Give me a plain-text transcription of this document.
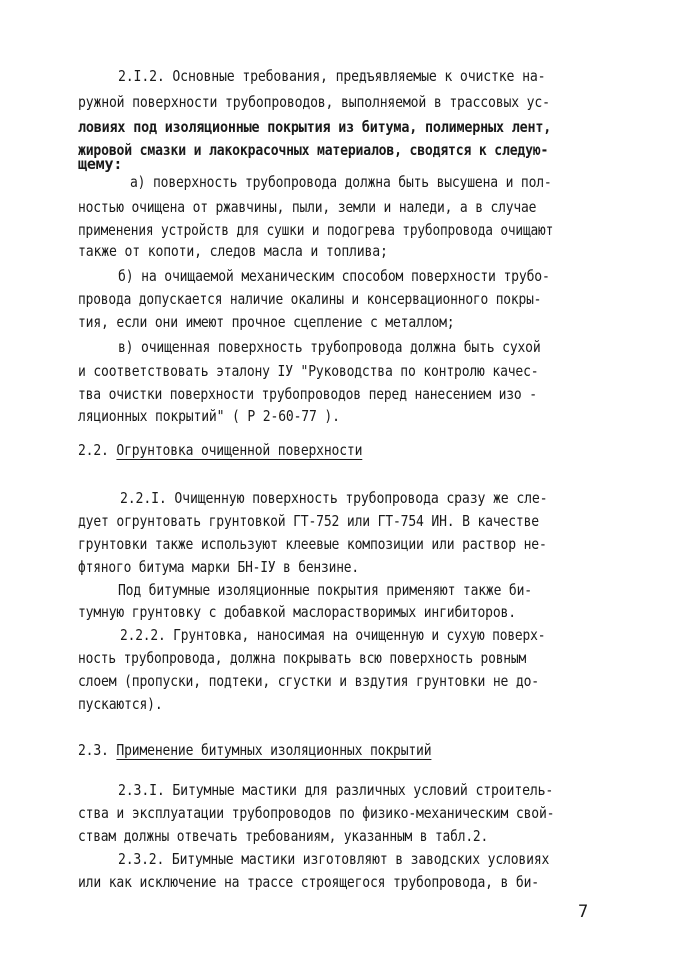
2.I.2. Основные требования, предъявляемые к очистке на-
ружной поверхности трубопроводов, выполняемой в трассовых ус-
ловиях под изоляционные покрытия из битума, полимерных лент,
жировой смазки и лакокрасочных материалов, сводятся к следую-
щему:
а) поверхность трубопровода должна быть высушена и пол-
ностью очищена от ржавчины, пыли, земли и наледи, а в случае
применения устройств для сушки и подогрева трубопровода очищают
также от копоти, следов масла и топлива;
б) на очищаемой механическим способом поверхности трубо-
провода допускается наличие окалины и консервационного покры-
тия, если они имеют прочное сцепление с металлом;
в) очищенная поверхность трубопровода должна быть сухой
и соответствовать эталону IУ "Руководства по контролю качес-
тва очистки поверхности трубопроводов перед нанесением изо -
ляционных покрытий" ( Р 2-60-77 ).
2.2. Огрунтовка очищенной поверхности
2.2.I. Очищенную поверхность трубопровода сразу же сле-
дует огрунтовать грунтовкой ГТ-752 или ГТ-754 ИН. В качестве
грунтовки также используют клеевые композиции или раствор не-
фтяного битума марки БН-IУ в бензине.
Под битумные изоляционные покрытия применяют также би-
тумную грунтовку с добавкой маслорастворимых ингибиторов.
2.2.2. Грунтовка, наносимая на очищенную и сухую поверх-
ность трубопровода, должна покрывать всю поверхность ровным
слоем (пропуски, подтеки, сгустки и вздутия грунтовки не до-
пускаются).
2.3. Применение битумных изоляционных покрытий
2.3.I. Битумные мастики для различных условий строитель-
ства и эксплуатации трубопроводов по физико-механическим свой-
ствам должны отвечать требованиям, указанным в табл.2.
2.3.2. Битумные мастики изготовляют в заводских условиях
или как исключение на трассе строящегося трубопровода, в би-
7
